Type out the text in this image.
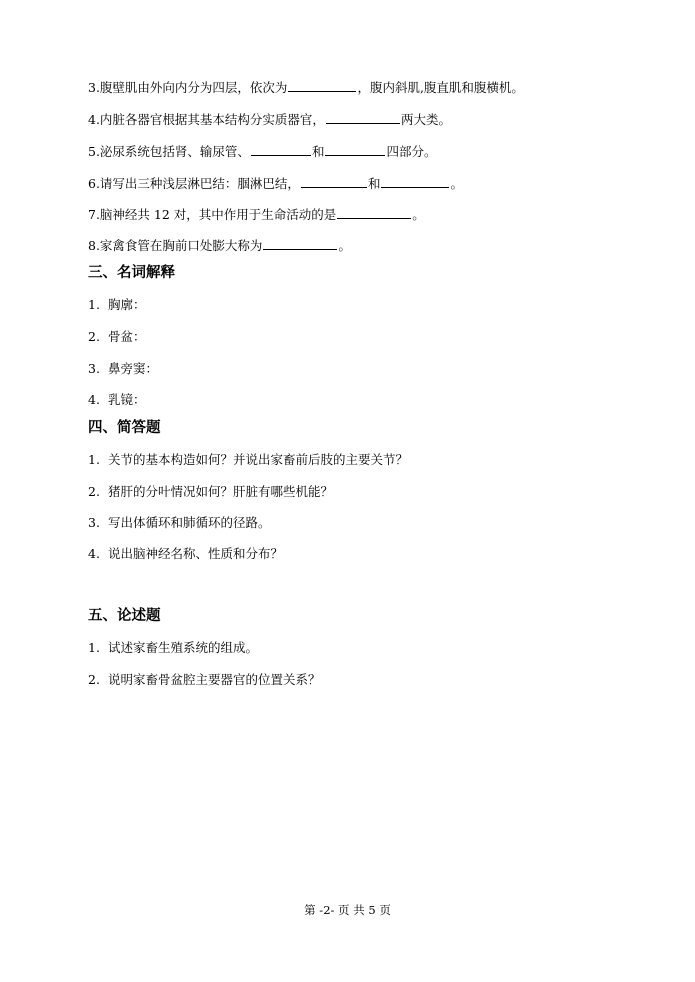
3.腹壁肌由外向内分为四层，依次为	，腹内斜肌,腹直肌和腹横机。
4.内脏各器官根据其基本结构分实质器官，	两大类。
5.泌尿系统包括肾、输尿管、	和	四部分。
6.请写出三种浅层淋巴结：腘淋巴结，	和	。
7.脑神经共 12 对，其中作用于生命活动的是	。
8.家禽食管在胸前口处膨大称为	。
三、名词解释
1. 胸廓：
2. 骨盆：
3. 鼻旁窦：
4. 乳镜：
四、简答题
1. 关节的基本构造如何？并说出家畜前后肢的主要关节？
2. 猪肝的分叶情况如何？肝脏有哪些机能？
3. 写出体循环和肺循环的径路。
4. 说出脑神经名称、性质和分布？
五、论述题
1. 试述家畜生殖系统的组成。
2. 说明家畜骨盆腔主要器官的位置关系？
第 -2- 页 共 5 页
